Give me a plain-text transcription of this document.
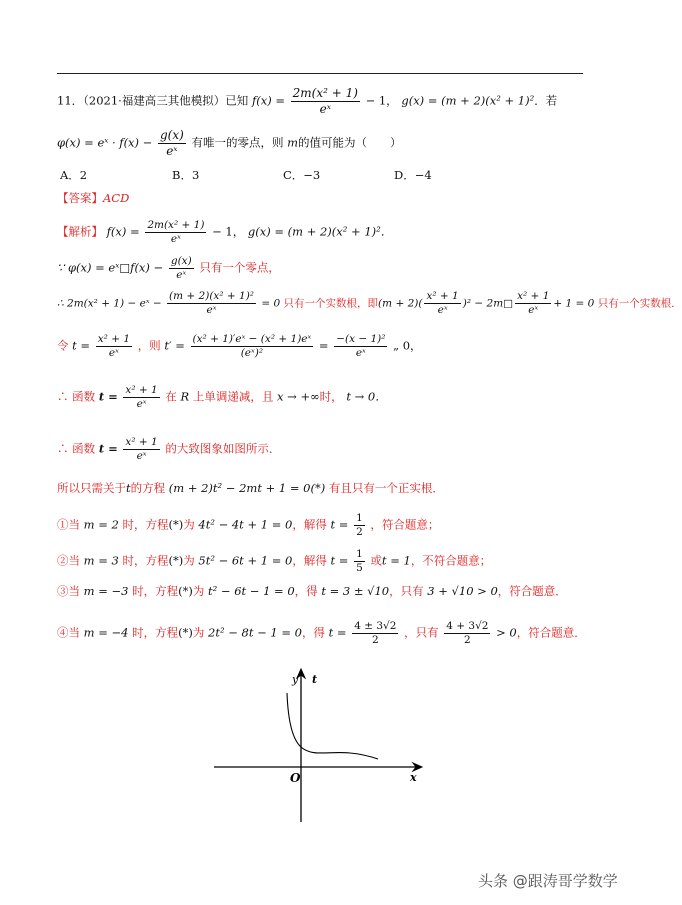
11．（2021·福建高三其他模拟）已知 $f(x) = \frac{\text{2m(x² + 1)}}{\text{eˣ}} - 1$， g(x) = (m + 2)(x² + 1)²．若
φ(x) = eˣ · $f(x) - \frac{g(x)}{\text{eˣ}}$ 有唯一的零点，则 m的值可能为（　　）
A．2	B．3	C．−3	D．−4
【答案】ACD
【解析】 $f(x) = \frac{\text{2m(x² + 1)}}{\text{eˣ}} - 1$， g(x) = (m + 2)(x² + 1)²．
∵ φ(x) = eˣ□f(x) − $\frac{g(x)}{\text{eˣ}}$ 只有一个零点，
∴ 2m(x² + 1) − eˣ − $\frac{\text{(m + 2)(x² + 1)²}}{\text{eˣ}} = 0$ 只有一个实数根，即$(m + 2)( \frac{\text{x² + 1}}{\text{eˣ}} )^2$ − 2m□ $\frac{\text{x² + 1}}{\text{eˣ}} + 1 = 0$ 只有一个实数根．
令 $t = \frac{\text{x² + 1}}{\text{eˣ}}$ ，则 $t' = \frac{\text{(x² + 1)′eˣ − (x² + 1)eˣ}}{\text{(eˣ)²}} = \frac{\text{−(x − 1)²}}{\text{eˣ}}$ „ 0，
∴ 函数 $t = \frac{\text{x² + 1}}{\text{eˣ}}$ 在 R 上单调递减，且 x → +∞时， t → 0．
∴ 函数 $t = \frac{\text{x² + 1}}{\text{eˣ}}$ 的大致图象如图所示．
所以只需关于t的方程 (m + 2)t² − 2mt + 1 = 0(*) 有且只有一个正实根．
①当 m = 2 时，方程(*)为 4t² − 4t + 1 = 0，解得 $t = \frac{1}{2}$ ，符合题意；
②当 m = 3 时，方程(*)为 5t² − 6t + 1 = 0，解得 $t = \frac{1}{5}$ 或t = 1，不符合题意；
③当 m = −3 时，方程(*)为 t² − 6t − 1 = 0，得 t = 3 ± √10，只有 3 + √10 > 0，符合题意．
④当 m = −4 时，方程(*)为 2t² − 8t − 1 = 0，得 $t = \frac{4 \pm 3√2}{2}$ ，只有 $\frac{4 + 3√2}{2} > 0$，符合题意．
y t
x
O
头条 @跟涛哥学数学
